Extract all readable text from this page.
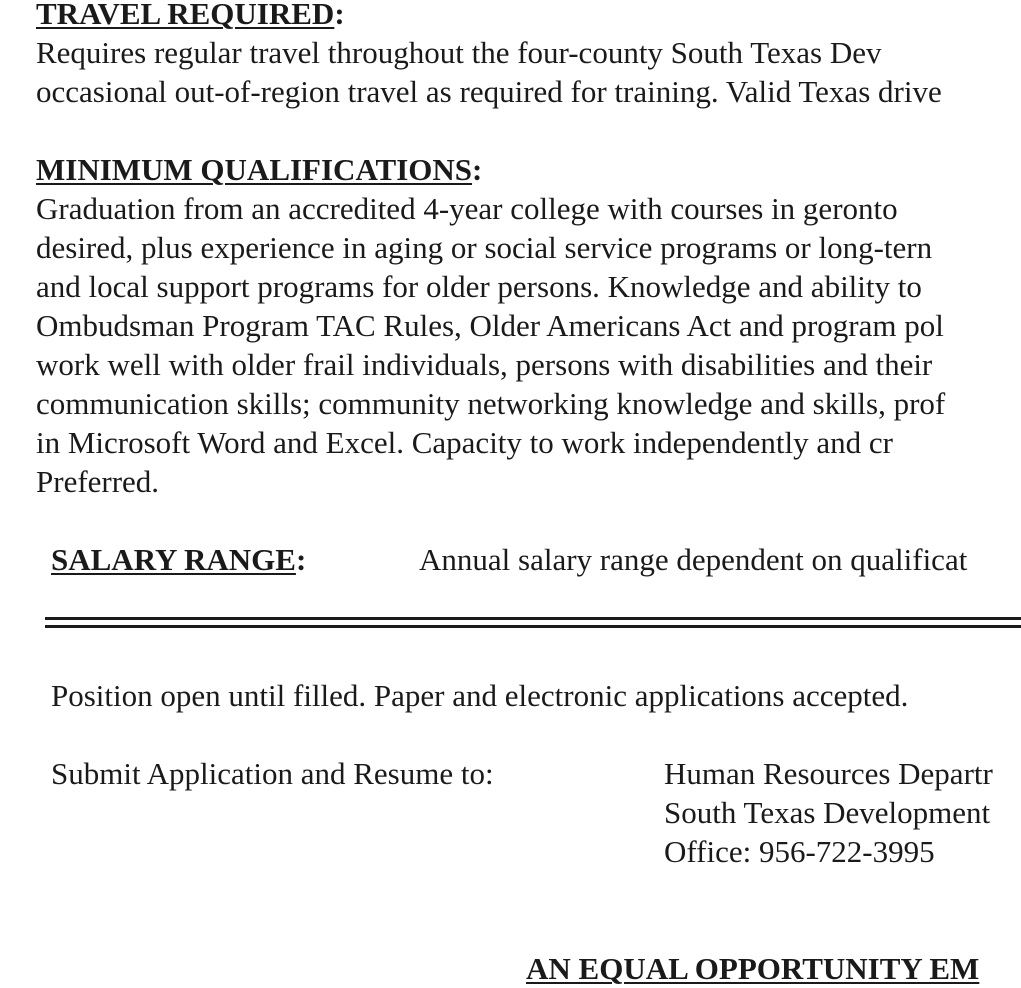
TRAVEL REQUIRED:
Requires regular travel throughout the four-county South Texas Dev
occasional out-of-region travel as required for training. Valid Texas drive
MINIMUM QUALIFICATIONS:
Graduation from an accredited 4-year college with courses in geronto
desired, plus experience in aging or social service programs or long-tern
and local support programs for older persons. Knowledge and ability to
Ombudsman Program TAC Rules, Older Americans Act and program pol
work well with older frail individuals, persons with disabilities and their
communication skills; community networking knowledge and skills, prof
in Microsoft Word and Excel. Capacity to work independently and cr
Preferred.
SALARY RANGE:	Annual salary range dependent on qualificat
Position open until filled. Paper and electronic applications accepted.
Submit Application and Resume to:	Human Resources Departr
South Texas Development
Office: 956-722-3995
AN EQUAL OPPORTUNITY EM
